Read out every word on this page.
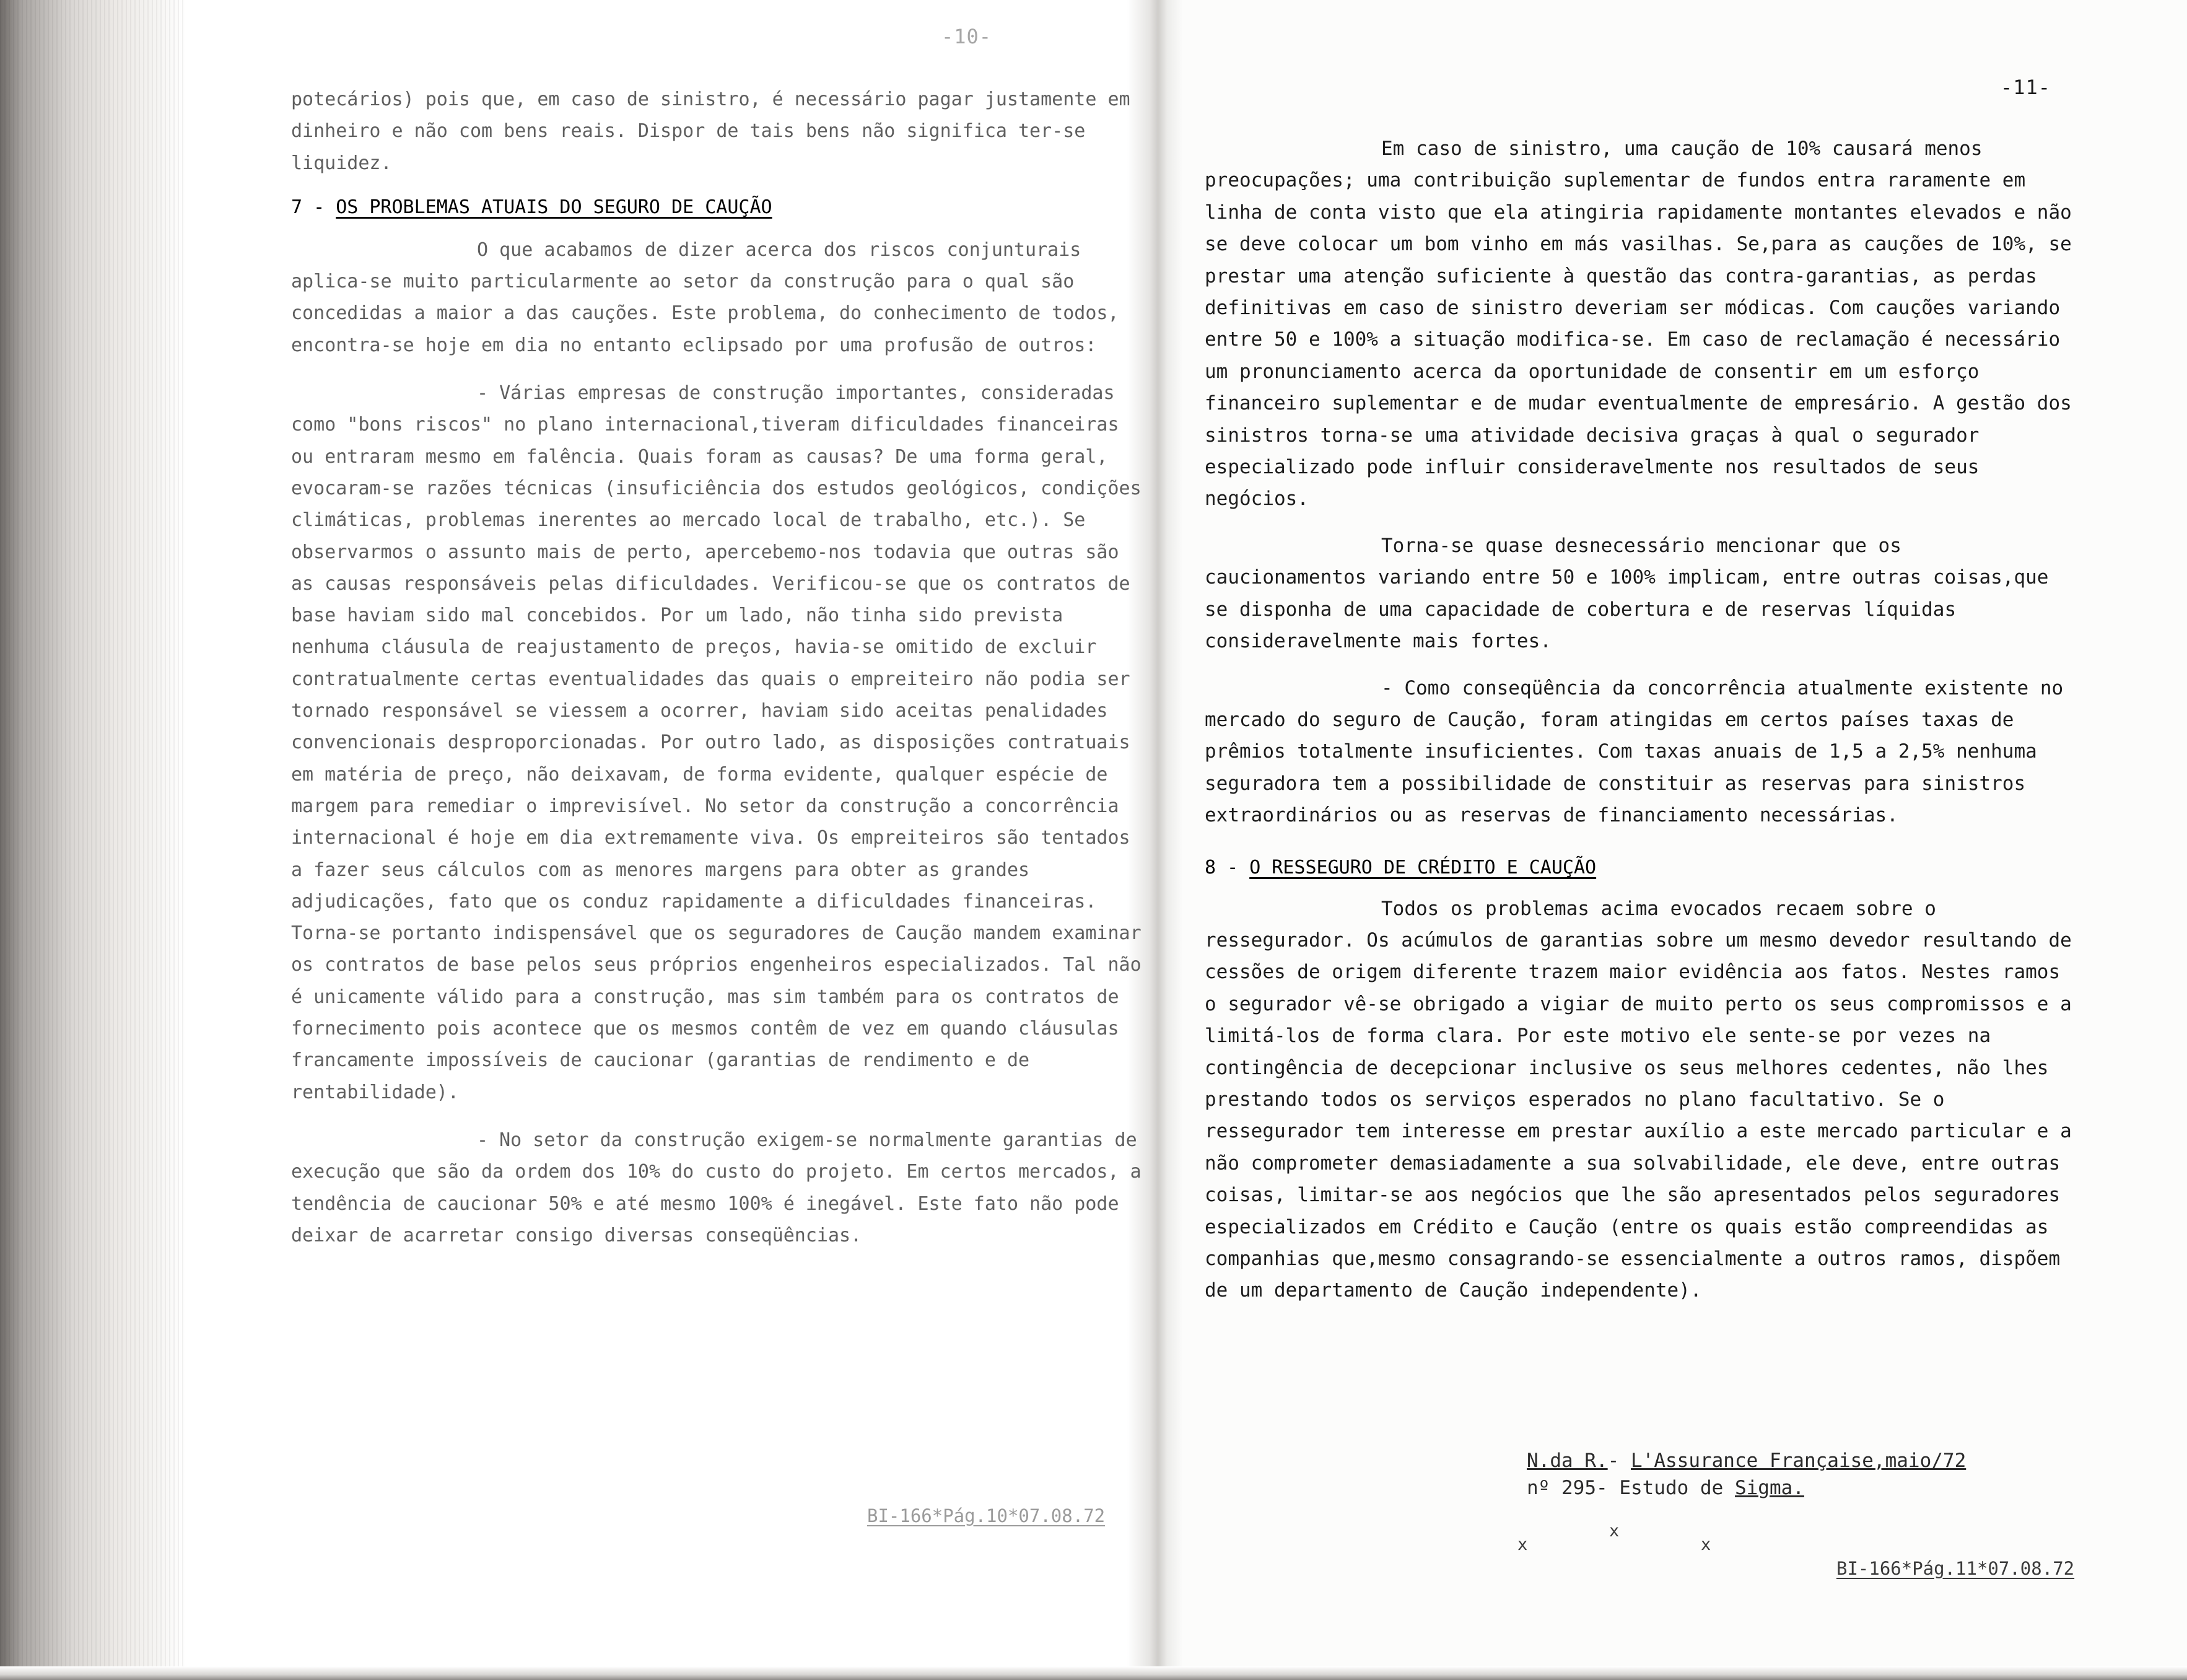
-10-
-11-

potecários) pois que, em caso de sinistro, é necessário pagar justamente em dinheiro e não com bens reais. Dispor de tais bens não significa ter-se liquidez.

7 - OS PROBLEMAS ATUAIS DO SEGURO DE CAUÇÃO

O que acabamos de dizer acerca dos riscos conjunturais aplica-se muito particularmente ao setor da construção para o qual são concedidas a maior a das cauções. Este problema, do conhecimento de todos, encontra-se hoje em dia no entanto eclipsado por uma profusão de outros:

- Várias empresas de construção importantes, consideradas como "bons riscos" no plano internacional,tiveram dificuldades financeiras ou entraram mesmo em falência. Quais foram as causas? De uma forma geral, evocaram-se razões técnicas (insuficiência dos estudos geológicos, condições climáticas, problemas inerentes ao mercado local de trabalho, etc.). Se observarmos o assunto mais de perto, apercebemo-nos todavia que outras são as causas responsáveis pelas dificuldades. Verificou-se que os contratos de base haviam sido mal concebidos. Por um lado, não tinha sido prevista nenhuma cláusula de reajustamento de preços, havia-se omitido de excluir contratualmente certas eventualidades das quais o empreiteiro não podia ser tornado responsável se viessem a ocorrer, haviam sido aceitas penalidades convencionais desproporcionadas. Por outro lado, as disposições contratuais em matéria de preço, não deixavam, de forma evidente, qualquer espécie de margem para remediar o imprevisível. No setor da construção a concorrência internacional é hoje em dia extremamente viva. Os empreiteiros são tentados a fazer seus cálculos com as menores margens para obter as grandes adjudicações, fato que os conduz rapidamente a dificuldades financeiras. Torna-se portanto indispensável que os seguradores de Caução mandem examinar os contratos de base pelos seus próprios engenheiros especializados. Tal não é unicamente válido para a construção, mas sim também para os contratos de fornecimento pois acontece que os mesmos contêm de vez em quando cláusulas francamente impossíveis de caucionar (garantias de rendimento e de rentabilidade).

- No setor da construção exigem-se normalmente garantias de execução que são da ordem dos 10% do custo do projeto. Em certos mercados, a tendência de caucionar 50% e até mesmo 100% é inegável. Este fato não pode deixar de acarretar consigo diversas conseqüências.

BI-166*Pág.10*07.08.72

Em caso de sinistro, uma caução de 10% causará menos preocupações; uma contribuição suplementar de fundos entra raramente em linha de conta visto que ela atingiria rapidamente montantes elevados e não se deve colocar um bom vinho em más vasilhas. Se,para as cauções de 10%, se prestar uma atenção suficiente à questão das contra-garantias, as perdas definitivas em caso de sinistro deveriam ser módicas. Com cauções variando entre 50 e 100% a situação modifica-se. Em caso de reclamação é necessário um pronunciamento acerca da oportunidade de consentir em um esforço financeiro suplementar e de mudar eventualmente de empresário. A gestão dos sinistros torna-se uma atividade decisiva graças à qual o segurador especializado pode influir consideravelmente nos resultados de seus negócios.

Torna-se quase desnecessário mencionar que os caucionamentos variando entre 50 e 100% implicam, entre outras coisas,que se disponha de uma capacidade de cobertura e de reservas líquidas consideravelmente mais fortes.

- Como conseqüência da concorrência atualmente existente no mercado do seguro de Caução, foram atingidas em certos países taxas de prêmios totalmente insuficientes. Com taxas anuais de 1,5 a 2,5% nenhuma seguradora tem a possibilidade de constituir as reservas para sinistros extraordinários ou as reservas de financiamento necessárias.

8 - O RESSEGURO DE CRÉDITO E CAUÇÃO

Todos os problemas acima evocados recaem sobre o ressegurador. Os acúmulos de garantias sobre um mesmo devedor resultando de cessões de origem diferente trazem maior evidência aos fatos. Nestes ramos o segurador vê-se obrigado a vigiar de muito perto os seus compromissos e a limitá-los de forma clara. Por este motivo ele sente-se por vezes na contingência de decepcionar inclusive os seus melhores cedentes, não lhes prestando todos os serviços esperados no plano facultativo. Se o ressegurador tem interesse em prestar auxílio a este mercado particular e a não comprometer demasiadamente a sua solvabilidade, ele deve, entre outras coisas, limitar-se aos negócios que lhe são apresentados pelos seguradores especializados em Crédito e Caução (entre os quais estão compreendidas as companhias que,mesmo consagrando-se essencialmente a outros ramos, dispõem de um departamento de Caução independente).

N.da R.- L'Assurance Française,maio/72
nº 295- Estudo de Sigma.
x
x
x
BI-166*Pág.11*07.08.72
